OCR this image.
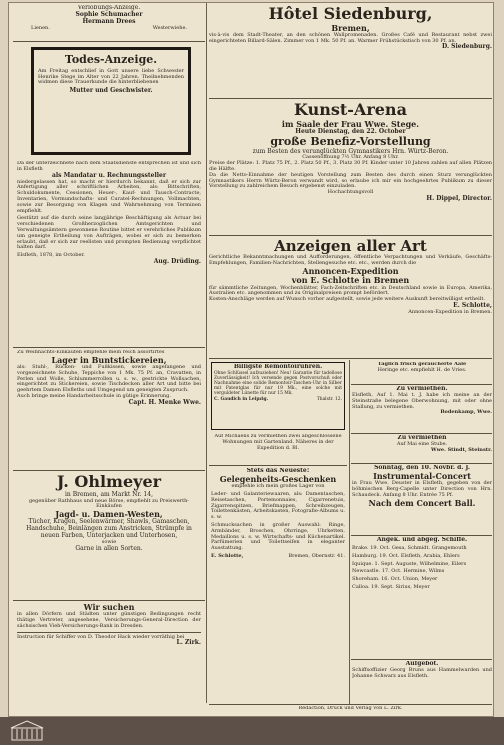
Verlobungs-Anzeige.

Sophie Schumacher

Hermann Drees

Lienen.	Westerwiehe.

Todes-Anzeige.

Am Freitag entschlief in Gott unsere liebe Schwester Henrike Stege im Alter von 22 Jahren. Theilnehmenden widmen diese Trauerkunde die hinterbliebenen

Mutter und Geschwister.

Da der unterzeichnete nach dem Staatsdienste entsprechen ist und sich in Elsfleth

als Mandatar u. Rechnungssteller

niedergelassen hat, so macht er hierdurch bekannt, daß er sich zur Anfertigung aller schriftlichen Arbeiten, als: Bittschriften, Schuldokumente, Cessionen, Heuer-, Kauf- und Tausch-Contracte, Inventarien, Vormundschafts- und Curatel-Rechnungen, Vollmachten, sowie zur Besorgung von Klagen und Wahrnehmung von Terminen empfiehlt.

Gestützt auf die durch seine langjährige Beschäftigung als Actuar bei verschiedenen Großherzoglichen Amtsgerichten und Verwaltungsämtern gewonnene Routine bittet er verehrliches Publikum um geneigte Ertheilung von Aufträgen, wobei er sich zu bemerken erlaubt, daß er sich zur reellsten und prompten Bedienung verpflichtet halten darf.

Elsfleth, 1878, im October.

Aug. Drüding.

Zu Weihnachts-Einkäufen empfehle mein reich assortirtes

Lager in Buntstickereien,

als: Stuhl-, Rücken- und Fußkissen, sowie angefangene und vorgezeichnete Schuhe, Teppiche von 1 Mk. 75 Pf. an, Cravatten, in Perlen und Wolle, Schlummerrollen u. s. w., gestrickte Wollsachen, eingerichtet zu Stickereien, sowie Tischdecken aller Art und bitte bei geehrtem Damen Elsfleths und Umgegend um geneigten Zuspruch.

Auch bringe meine Handarbeitsschule in gütige Erinnerung.

Capt. H. Menke Wwe.

J. Ohlmeyer

in Bremen, am Markt Nr. 14,

gegenüber Rathhaus und neue Börse, empfiehlt zu Preiswerth-Einkäufen

Jagd- u. Damen-Westen,

Tücher, Kragen, Seelenwärmer, Shawls, Gamaschen, Handschuhe, Beinlängen zum Anstricken, Strümpfe in neuen Farben, Unterjacken und Unterhosen,

sowie

Garne in allen Sorten.

Wir suchen

in allen Dörfern und Städten unter günstigen Bedingungen recht thätige Vertreter, angesehene, Versicherungs-General-Direction der sächsischen Vieh-Versicherungs-Bank in Dresden.

Instruction für Schiffer von D. Theodor Hack wieder vorräthig bei

L. Zirk.

Hôtel Siedenburg,

Bremen,

vis-à-vis dem Stadt-Theater, an den schönen Wallpromenaden. Großes Café und Restaurant nebst zwei eingerichteten Billard-Sälen. Zimmer von 1 Mk. 50 Pf. an. Warmer Frühstückstisch von 30 Pf. an.

D. Siedenburg.

Kunst-Arena

im Saale der Frau Wwe. Stege.

Heute Dienstag, den 22. October

große Benefiz-Vorstellung

zum Besten des verunglückten Gymnastikers Hrn. Würtz-Beron.

Cassenöffnung 7½ Uhr. Anfang 8 Uhr.

Preise der Plätze: 1. Platz 75 Pf., 2. Platz 50 Pf., 3. Platz 30 Pf. Kinder unter 10 Jahren zahlen auf allen Plätzen die Hälfte.

Da die Netto-Einnahme der heutigen Vorstellung zum Besten des durch einen Sturz verunglückten Gymnastikers Herrn Würtz-Beron verwandt wird, so erlaube ich mir ein hochgeehrtes Publikum zu dieser Vorstellung zu zahlreichem Besuch ergebenst einzuladen.

Hochachtungsvoll

H. Dippel, Director.

Anzeigen aller Art

Gerichtliche Bekanntmachungen und Aufforderungen, öffentliche Verpachtungen und Verkäufe, Geschäfts-Empfehlungen, Familien-Nachrichten, Stellengesuche etc. etc., werden durch die

Annoncen-Expedition

von E. Schlotte in Bremen

für sämmtliche Zeitungen, Wochenblätter, Fach-Zeitschriften etc. in Deutschland sowie in Europa, Amerika, Australien etc. angenommen und zu Originalpreisen prompt befördert.

Kosten-Anschläge werden auf Wunsch vorher aufgestellt, sowie jede weitere Auskunft bereitwilligst ertheilt.

E. Schlotte,

Annoncen-Expedition in Bremen.

Billigste Remontoiruhren.

Ohne Schlüssel aufzuziehen! Neu! Garantie für tadellose Zuverlässigkeit! Ich versende gegen Postvorschuß oder Nachnahme eine solide Remontoir-Taschen-Uhr in Silber mit Patentglas für nur 19 Mk., eine solche mit verguldeter Lünette für nur 15 Mk.

C. Gaudich in Leipzig.	Thalstr. 12.

Auf Michaelis zu vermiethen zwei abgeschlossene Wohnungen mit Gartenland. Näheres in der Expedition d. Bl.

Stets das Neueste!

Gelegenheits-Geschenken

empfehle ich mein großes Lager von

Leder- und Galanteriewaaren, als: Damentaschen, Reisetaschen, Portemonnaies, Cigarrenetuis, Zigarrenspitzen, Briefmappen, Schreibzeugen, Toilettenkästen, Arbeitskasten, Fotografie-Albums u. s. w.

Schmucksachen in großer Auswahl: Ringe, Armbänder, Broschen, Ohrringe, Uhrketten, Medaillons u. s. w. Wirtschafts- und Küchenartikel. Parfümerien und Toilettseifen in eleganter Ausstattung.

E. Schlotte,	Bremen, Obernstr. 41.

Täglich frisch geräucherte Aale

Heringe etc. empfiehlt H. de Vries.

Zu vermiethen.

Elsfleth, Auf 1. Mai t. J. habe ich meine an der Steinstraße belegene Oberwohnung, mit oder ohne Stallung, zu vermiethen.

Bodenkamp, Wwe.

Zu vermiethen

Auf Mai eine Stube.

Wwe. Stindt, Steinstr.

Sonntag, den 10. Novbr. d. J.

Instrumental-Concert

in Frau Wwe. Deuster in Elsfleth, gegeben von der böhmischen Berg-Capelle unter Direction von Hrn. Schaudeck. Anfang 8 Uhr. Entrée 75 Pf.

Nach dem Concert Ball.

Angek. und abgeg. Schiffe.

Brake. 19. Oct. Gesa, Schmidt. Grangemouth

Hamburg. 19. Oct. Elsfleth, Arabia, Ehlers

Iquique. 1. Sept. Auguste, Wilhelmine, Eilers

Newcastle. 17. Oct. Hermine, Wilms

Shoreham. 16. Oct. Union, Meyer

Calloa. 19. Sept. Sirius, Meyer

Aufgebot.

Schiffsoffizier Georg Bruns aus Hammelwarden und Johanne Schwarz aus Elsfleth.

Redaction, Druck und Verlag von L. Zirk.
